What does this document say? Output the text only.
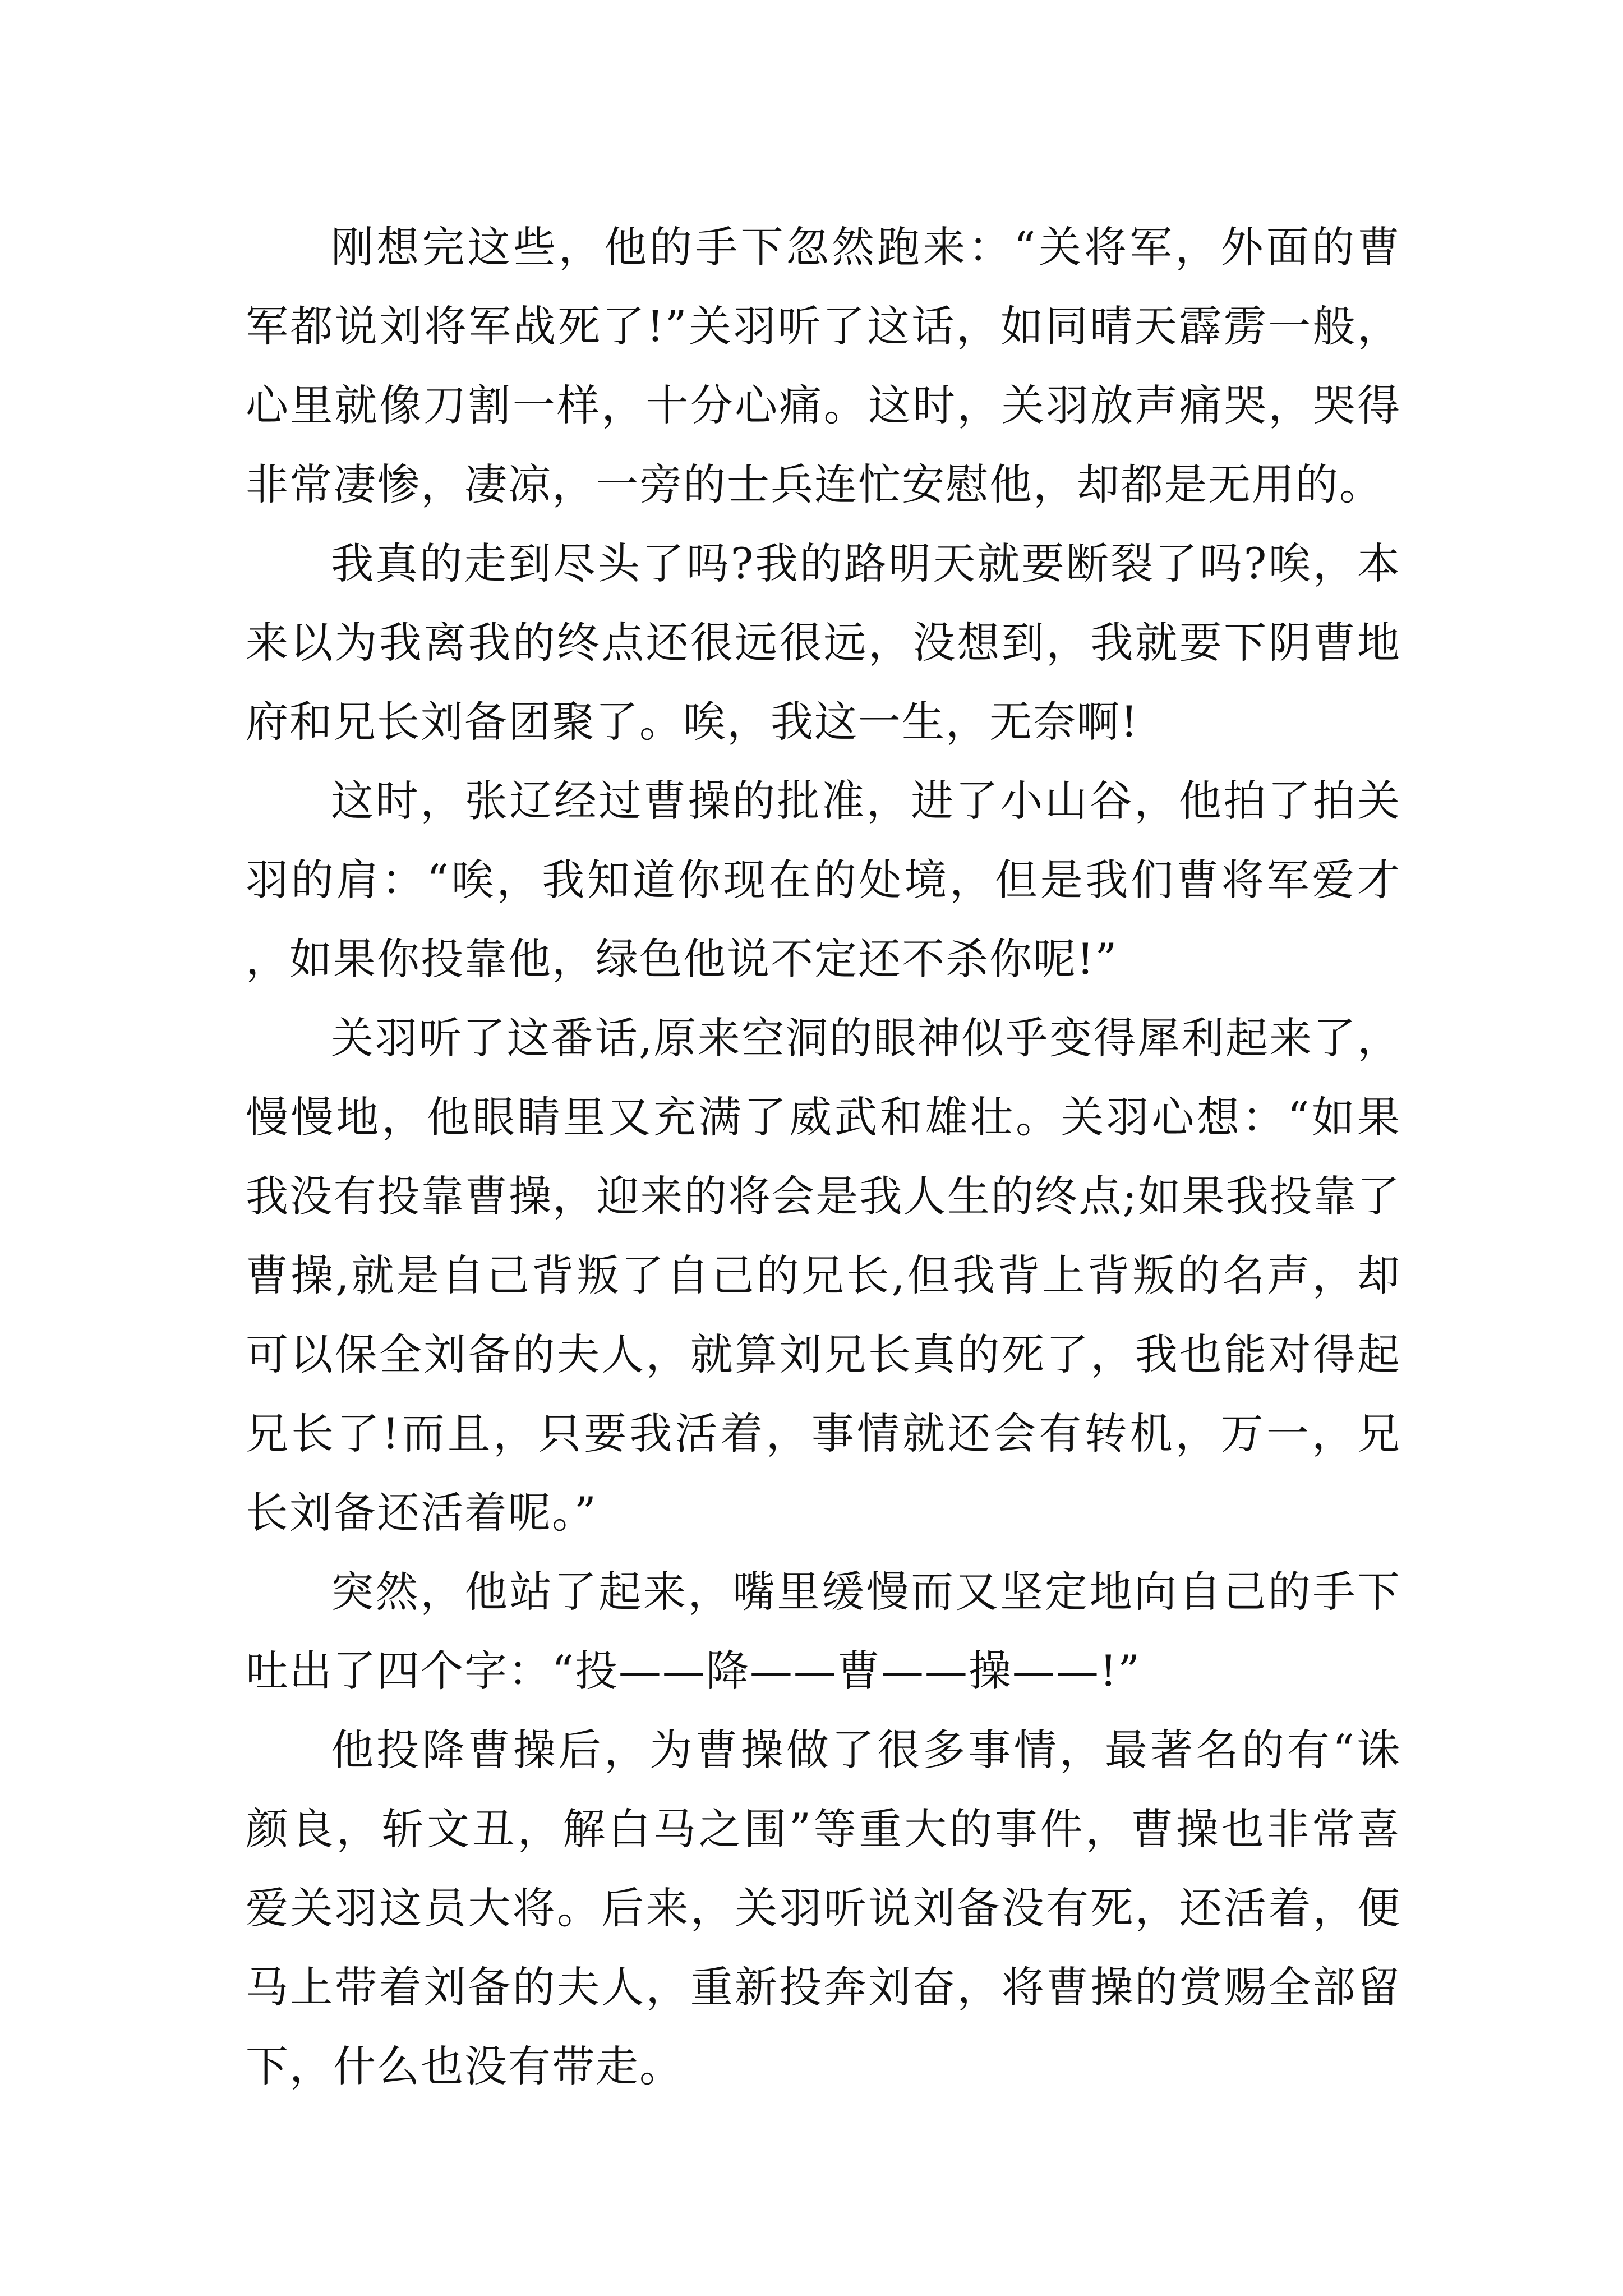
刚想完这些，他的手下忽然跑来：“关将军，外面的曹军都说刘将军战死了!”关羽听了这话，如同晴天霹雳一般，心里就像刀割一样，十分心痛。这时，关羽放声痛哭，哭得非常凄惨，凄凉，一旁的士兵连忙安慰他，却都是无用的。

我真的走到尽头了吗?我的路明天就要断裂了吗?唉，本来以为我离我的终点还很远很远，没想到，我就要下阴曹地府和兄长刘备团聚了。唉，我这一生，无奈啊!

这时，张辽经过曹操的批准，进了小山谷，他拍了拍关羽的肩：“唉，我知道你现在的处境，但是我们曹将军爱才，如果你投靠他，绿色他说不定还不杀你呢!”

关羽听了这番话,原来空洞的眼神似乎变得犀利起来了，慢慢地，他眼睛里又充满了威武和雄壮。关羽心想：“如果我没有投靠曹操，迎来的将会是我人生的终点;如果我投靠了曹操,就是自己背叛了自己的兄长,但我背上背叛的名声，却可以保全刘备的夫人，就算刘兄长真的死了，我也能对得起兄长了!而且，只要我活着，事情就还会有转机，万一，兄长刘备还活着呢。”

突然，他站了起来，嘴里缓慢而又坚定地向自己的手下吐出了四个字：“投——降——曹——操——!”

他投降曹操后，为曹操做了很多事情，最著名的有“诛颜良，斩文丑，解白马之围”等重大的事件，曹操也非常喜爱关羽这员大将。后来，关羽听说刘备没有死，还活着，便马上带着刘备的夫人，重新投奔刘奋，将曹操的赏赐全部留下，什么也没有带走。
